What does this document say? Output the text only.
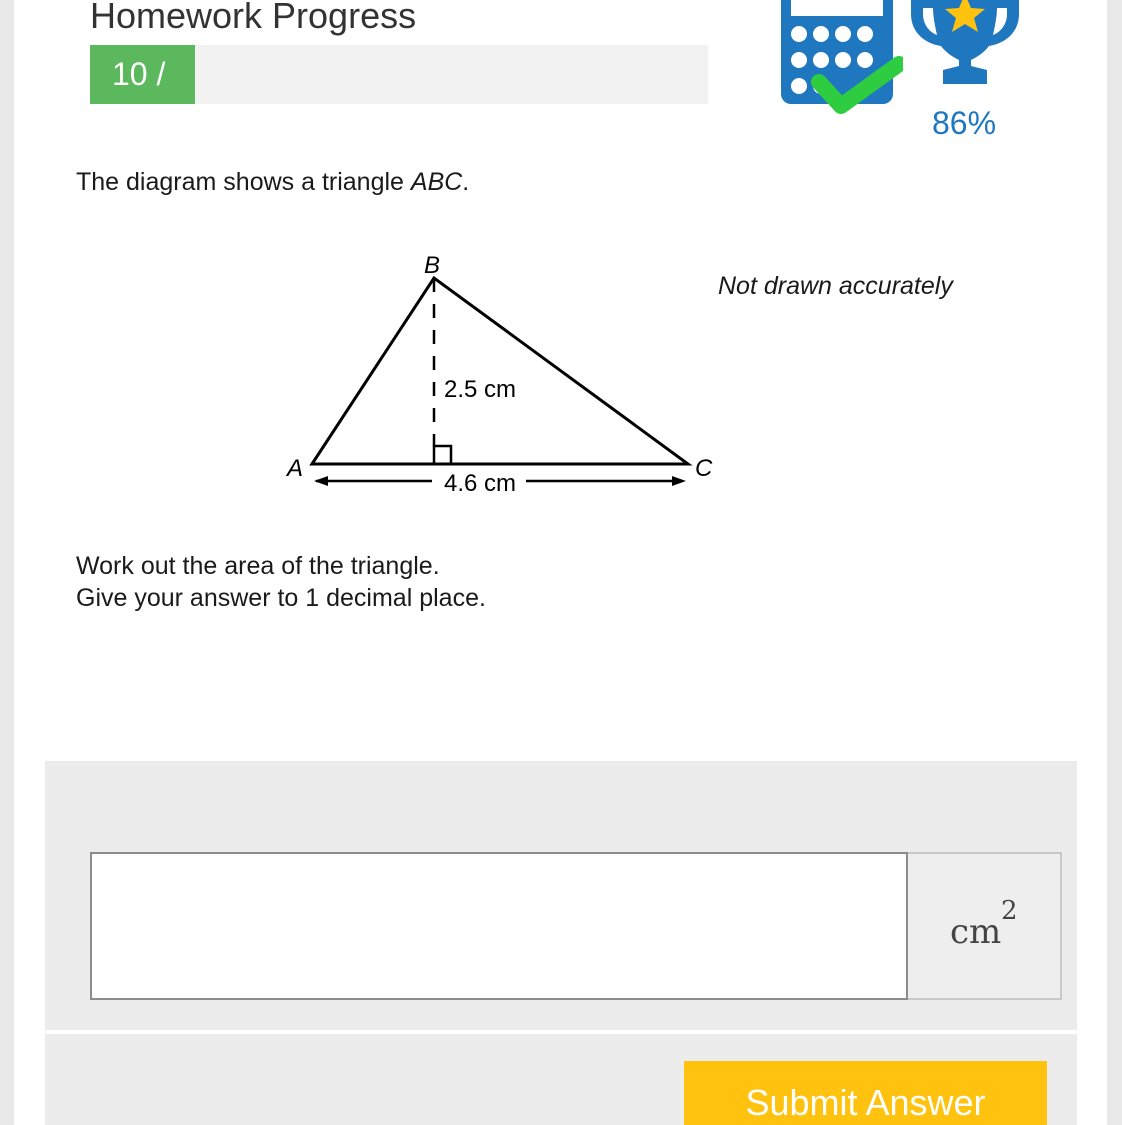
Homework Progress
10 /
86%
The diagram shows a triangle ABC.
B
A	C
2.5 cm
4.6 cm
Not drawn accurately
Work out the area of the triangle.
Give your answer to 1 decimal place.
cm
2
Submit Answer
